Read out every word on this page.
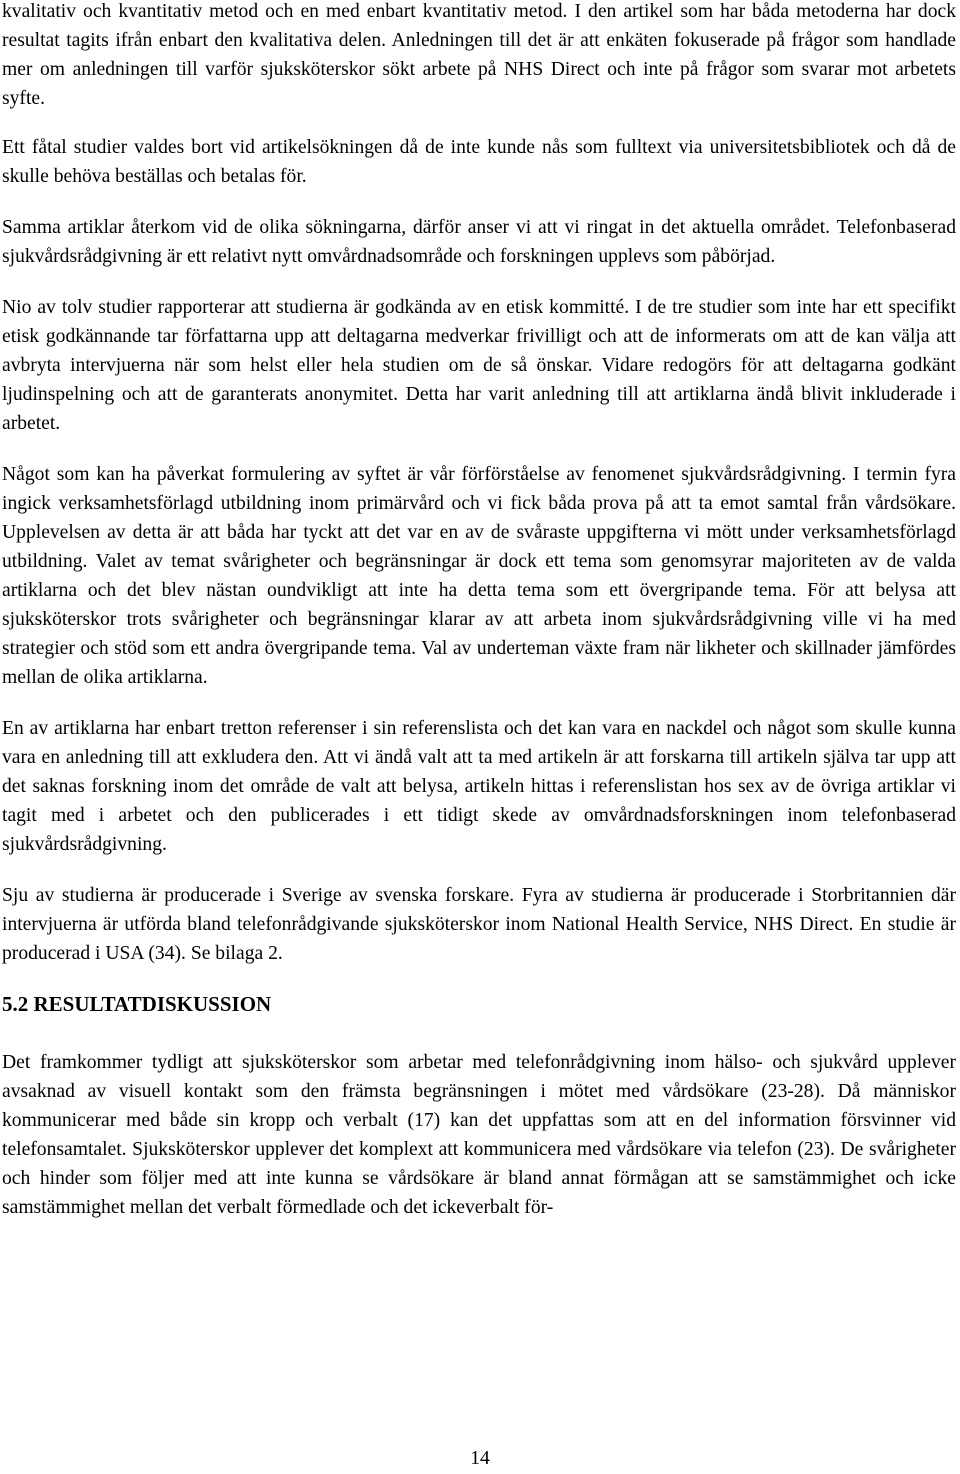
kvalitativ och kvantitativ metod och en med enbart kvantitativ metod. I den artikel som har båda metoderna har dock resultat tagits ifrån enbart den kvalitativa delen. Anledningen till det är att enkäten fokuserade på frågor som handlade mer om anledningen till varför sjuksköterskor sökt arbete på NHS Direct och inte på frågor som svarar mot arbetets syfte.

Ett fåtal studier valdes bort vid artikelsökningen då de inte kunde nås som fulltext via universitetsbibliotek och då de skulle behöva beställas och betalas för.

Samma artiklar återkom vid de olika sökningarna, därför anser vi att vi ringat in det aktuella området. Telefonbaserad sjukvårdsrådgivning är ett relativt nytt omvårdnadsområde och forskningen upplevs som påbörjad.

Nio av tolv studier rapporterar att studierna är godkända av en etisk kommitté. I de tre studier som inte har ett specifikt etisk godkännande tar författarna upp att deltagarna medverkar frivilligt och att de informerats om att de kan välja att avbryta intervjuerna när som helst eller hela studien om de så önskar. Vidare redogörs för att deltagarna godkänt ljudinspelning och att de garanterats anonymitet. Detta har varit anledning till att artiklarna ändå blivit inkluderade i arbetet.

Något som kan ha påverkat formulering av syftet är vår förförståelse av fenomenet sjukvårdsrådgivning. I termin fyra ingick verksamhetsförlagd utbildning inom primärvård och vi fick båda prova på att ta emot samtal från vårdsökare. Upplevelsen av detta är att båda har tyckt att det var en av de svåraste uppgifterna vi mött under verksamhetsförlagd utbildning. Valet av temat svårigheter och begränsningar är dock ett tema som genomsyrar majoriteten av de valda artiklarna och det blev nästan oundvikligt att inte ha detta tema som ett övergripande tema. För att belysa att sjuksköterskor trots svårigheter och begränsningar klarar av att arbeta inom sjukvårdsrådgivning ville vi ha med strategier och stöd som ett andra övergripande tema. Val av underteman växte fram när likheter och skillnader jämfördes mellan de olika artiklarna.

En av artiklarna har enbart tretton referenser i sin referenslista och det kan vara en nackdel och något som skulle kunna vara en anledning till att exkludera den. Att vi ändå valt att ta med artikeln är att forskarna till artikeln själva tar upp att det saknas forskning inom det område de valt att belysa, artikeln hittas i referenslistan hos sex av de övriga artiklar vi tagit med i arbetet och den publicerades i ett tidigt skede av omvårdnadsforskningen inom telefonbaserad sjukvårdsrådgivning.

Sju av studierna är producerade i Sverige av svenska forskare. Fyra av studierna är producerade i Storbritannien där intervjuerna är utförda bland telefonrådgivande sjuksköterskor inom National Health Service, NHS Direct. En studie är producerad i USA (34). Se bilaga 2.

5.2 RESULTATDISKUSSION

Det framkommer tydligt att sjuksköterskor som arbetar med telefonrådgivning inom hälso- och sjukvård upplever avsaknad av visuell kontakt som den främsta begränsningen i mötet med vårdsökare (23-28). Då människor kommunicerar med både sin kropp och verbalt (17) kan det uppfattas som att en del information försvinner vid telefonsamtalet. Sjuksköterskor upplever det komplext att kommunicera med vårdsökare via telefon (23). De svårigheter och hinder som följer med att inte kunna se vårdsökare är bland annat förmågan att se samstämmighet och icke samstämmighet mellan det verbalt förmedlade och det ickeverbalt för-

14
